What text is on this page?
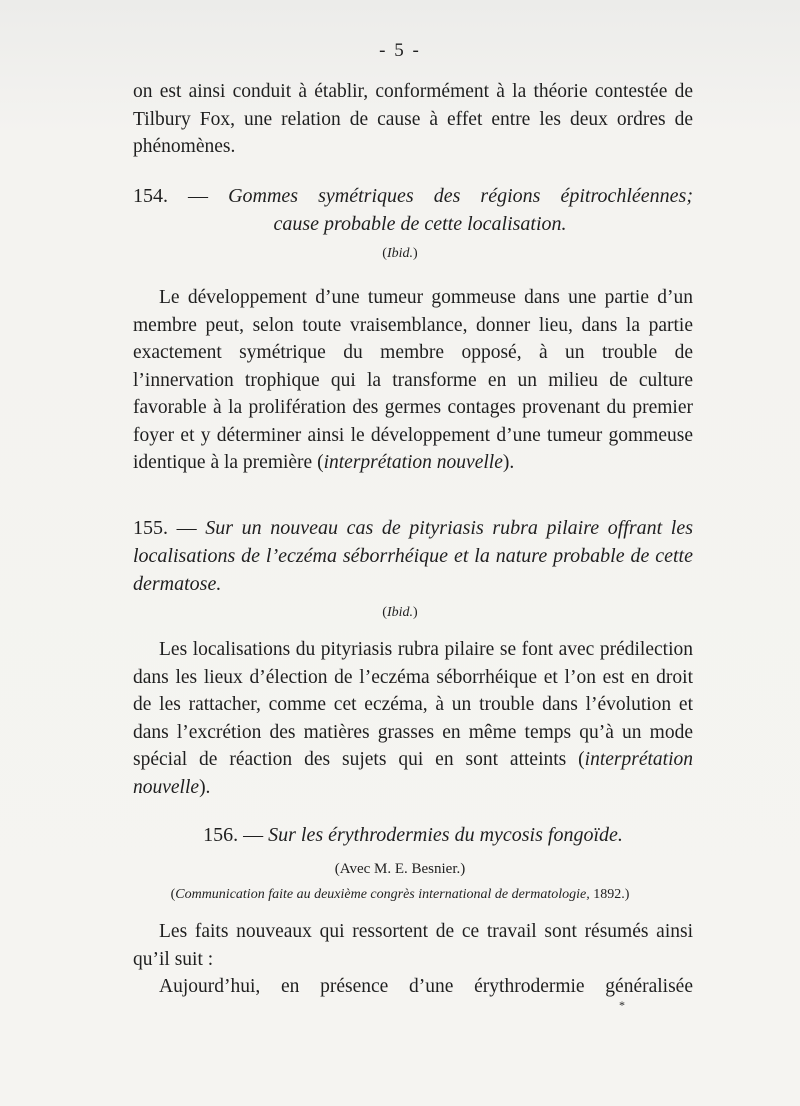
- 5 -

on est ainsi conduit à établir, conformément à la théorie contestée de Tilbury Fox, une relation de cause à effet entre les deux ordres de phénomènes.

154. — Gommes symétriques des régions épitrochléennes;
cause probable de cette localisation.
(Ibid.)

Le développement d’une tumeur gommeuse dans une partie d’un membre peut, selon toute vraisemblance, donner lieu, dans la partie exactement symétrique du membre opposé, à un trouble de l’innervation trophique qui la transforme en un milieu de culture favorable à la prolifération des germes contages provenant du premier foyer et y déterminer ainsi le développement d’une tumeur gommeuse identique à la première (interprétation nouvelle).

155. — Sur un nouveau cas de pityriasis rubra pilaire offrant les localisations de l’eczéma séborrhéique et la nature probable de cette dermatose.
(Ibid.)

Les localisations du pityriasis rubra pilaire se font avec prédilection dans les lieux d’élection de l’eczéma séborrhéique et l’on est en droit de les rattacher, comme cet eczéma, à un trouble dans l’évolution et dans l’excrétion des matières grasses en même temps qu’à un mode spécial de réaction des sujets qui en sont atteints (interprétation nouvelle).

156. — Sur les érythrodermies du mycosis fongoïde.
(Avec M. E. Besnier.)
(Communication faite au deuxième congrès international de dermatologie, 1892.)

Les faits nouveaux qui ressortent de ce travail sont résumés ainsi qu’il suit :

Aujourd’hui, en présence d’une érythrodermie généralisée

*
